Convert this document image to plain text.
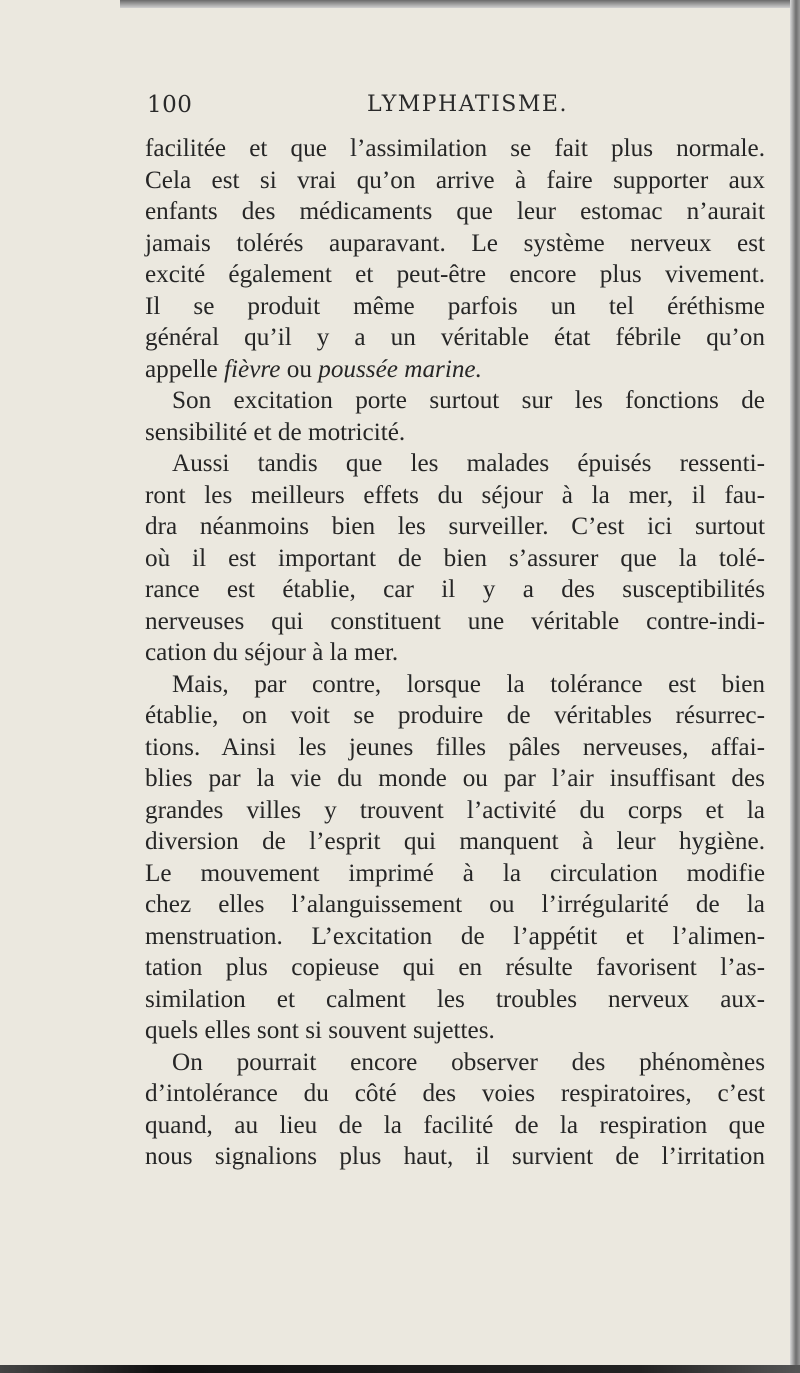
100	LYMPHATISME.
facilitée et que l’assimilation se fait plus normale.
Cela est si vrai qu’on arrive à faire supporter aux
enfants des médicaments que leur estomac n’aurait
jamais tolérés auparavant. Le système nerveux est
excité également et peut-être encore plus vivement.
Il se produit même parfois un tel éréthisme
général qu’il y a un véritable état fébrile qu’on
appelle fièvre ou poussée marine.
Son excitation porte surtout sur les fonctions de
sensibilité et de motricité.
Aussi tandis que les malades épuisés ressenti-
ront les meilleurs effets du séjour à la mer, il fau-
dra néanmoins bien les surveiller. C’est ici surtout
où il est important de bien s’assurer que la tolé-
rance est établie, car il y a des susceptibilités
nerveuses qui constituent une véritable contre-indi-
cation du séjour à la mer.
Mais, par contre, lorsque la tolérance est bien
établie, on voit se produire de véritables résurrec-
tions. Ainsi les jeunes filles pâles nerveuses, affai-
blies par la vie du monde ou par l’air insuffisant des
grandes villes y trouvent l’activité du corps et la
diversion de l’esprit qui manquent à leur hygiène.
Le mouvement imprimé à la circulation modifie
chez elles l’alanguissement ou l’irrégularité de la
menstruation. L’excitation de l’appétit et l’alimen-
tation plus copieuse qui en résulte favorisent l’as-
similation et calment les troubles nerveux aux-
quels elles sont si souvent sujettes.
On pourrait encore observer des phénomènes
d’intolérance du côté des voies respiratoires, c’est
quand, au lieu de la facilité de la respiration que
nous signalions plus haut, il survient de l’irritation
